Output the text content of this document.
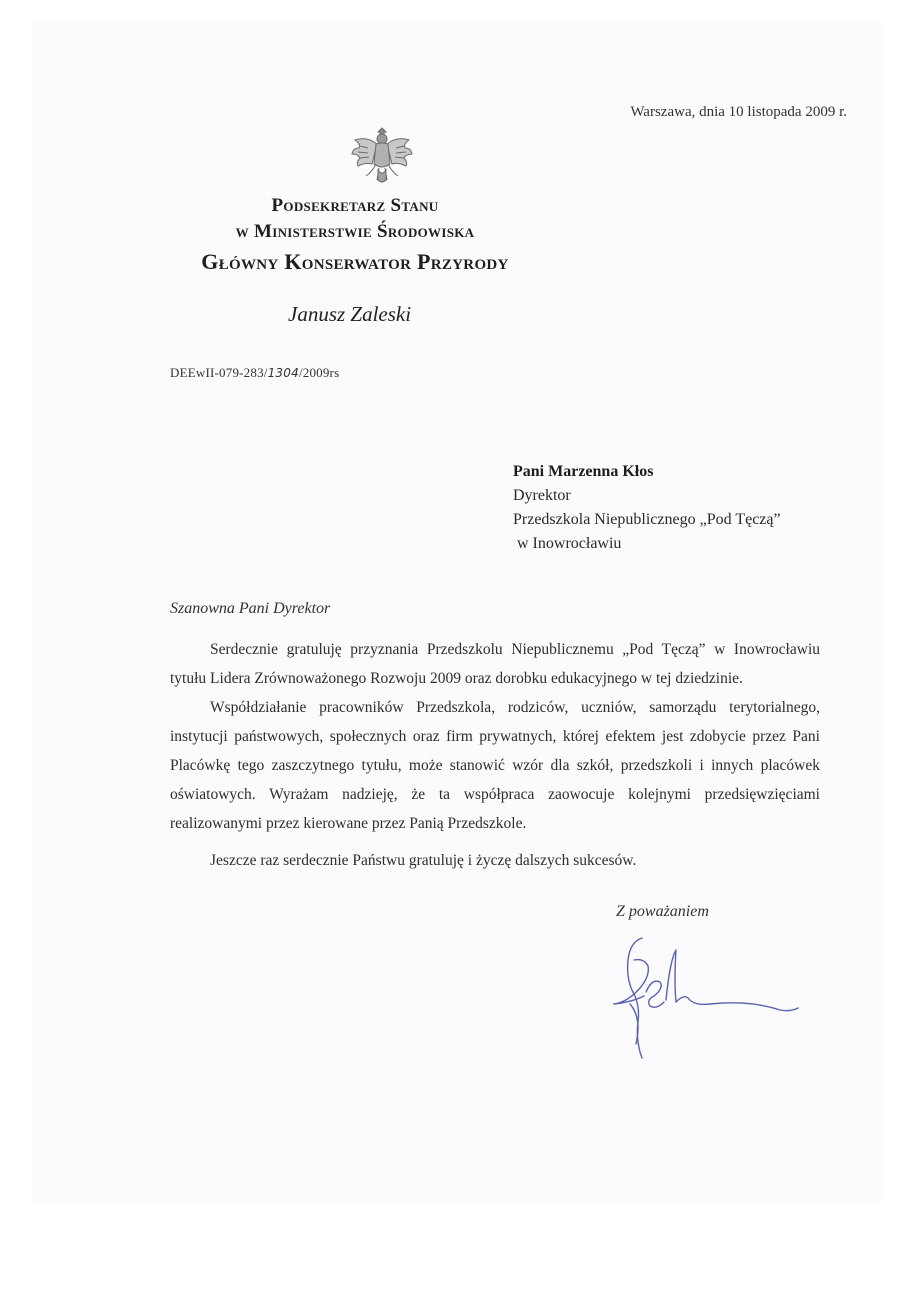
Warszawa, dnia 10 listopada 2009 r.
Podsekretarz Stanu
w Ministerstwie Środowiska
Główny Konserwator Przyrody
Janusz Zaleski
DEEwII-079-283/1304/2009rs
Pani Marzenna Kłos
Dyrektor
Przedszkola Niepublicznego „Pod Tęczą”
w Inowrocławiu
Szanowna Pani Dyrektor

Serdecznie gratuluję przyznania Przedszkolu Niepublicznemu „Pod Tęczą” w Inowrocławiu tytułu Lidera Zrównoważonego Rozwoju 2009 oraz dorobku edukacyjnego w tej dziedzinie.

Współdziałanie pracowników Przedszkola, rodziców, uczniów, samorządu terytorialnego, instytucji państwowych, społecznych oraz firm prywatnych, której efektem jest zdobycie przez Pani Placówkę tego zaszczytnego tytułu, może stanowić wzór dla szkół, przedszkoli i innych placówek oświatowych. Wyrażam nadzieję, że ta współpraca zaowocuje kolejnymi przedsięwzięciami realizowanymi przez kierowane przez Panią Przedszkole.

Jeszcze raz serdecznie Państwu gratuluję i życzę dalszych sukcesów.

Z poważaniem
